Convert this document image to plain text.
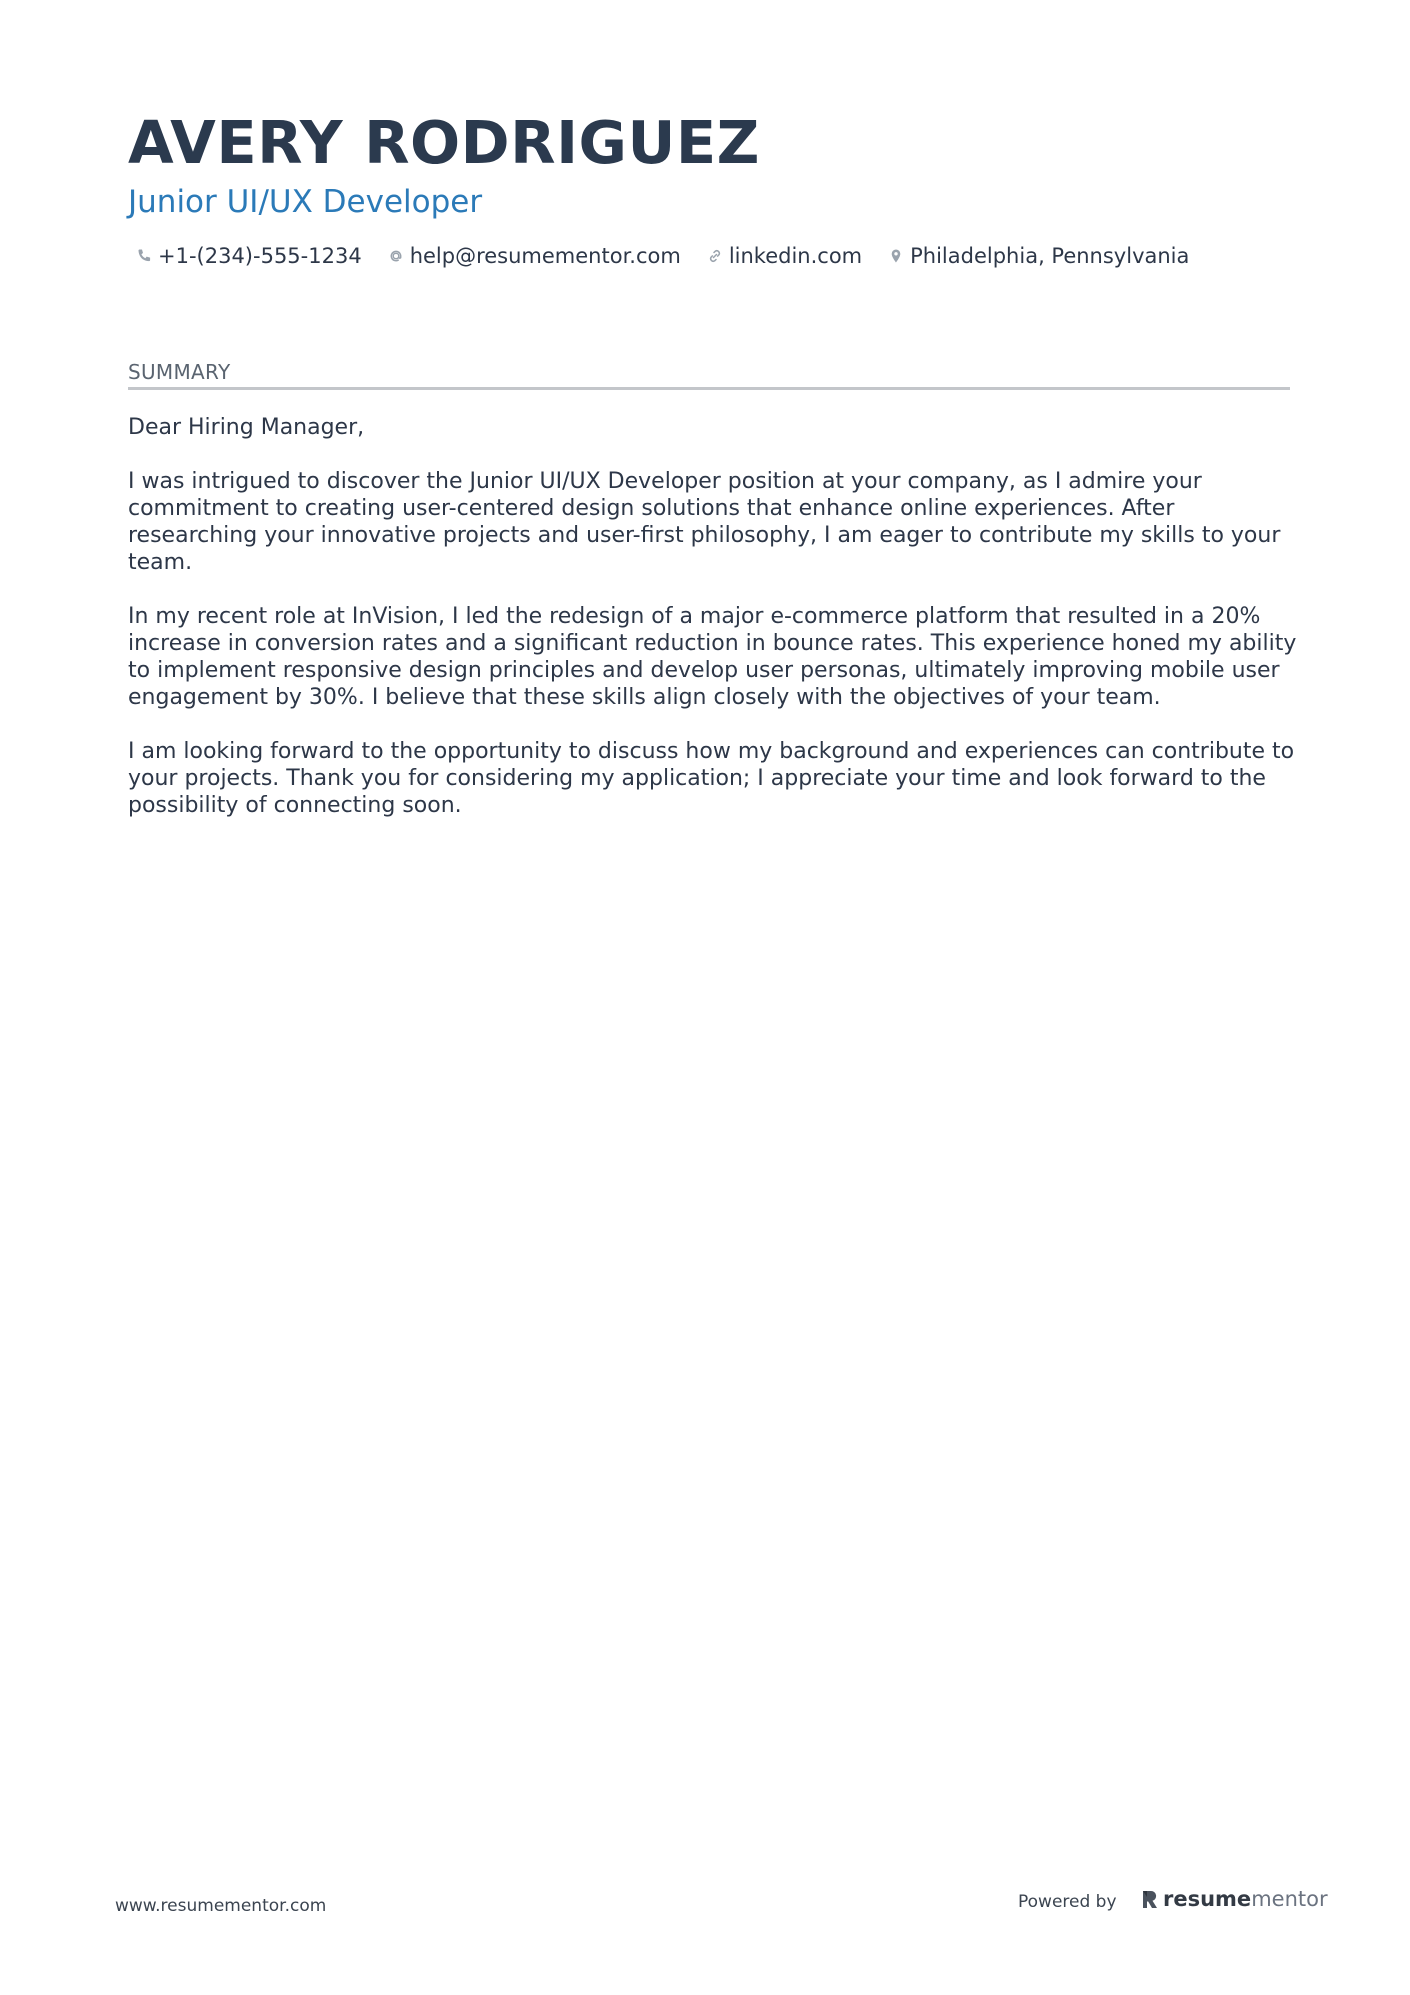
AVERY RODRIGUEZ
Junior UI/UX Developer
+1-(234)-555-1234 help@resumementor.com linkedin.com Philadelphia, Pennsylvania
SUMMARY

Dear Hiring Manager,

I was intrigued to discover the Junior UI/UX Developer position at your company, as I admire your commitment to creating user-centered design solutions that enhance online experiences. After researching your innovative projects and user-first philosophy, I am eager to contribute my skills to your team.

In my recent role at InVision, I led the redesign of a major e-commerce platform that resulted in a 20% increase in conversion rates and a significant reduction in bounce rates. This experience honed my ability to implement responsive design principles and develop user personas, ultimately improving mobile user engagement by 30%. I believe that these skills align closely with the objectives of your team.

I am looking forward to the opportunity to discuss how my background and experiences can contribute to your projects. Thank you for considering my application; I appreciate your time and look forward to the possibility of connecting soon.

www.resumementor.com	Powered by resume mentor
